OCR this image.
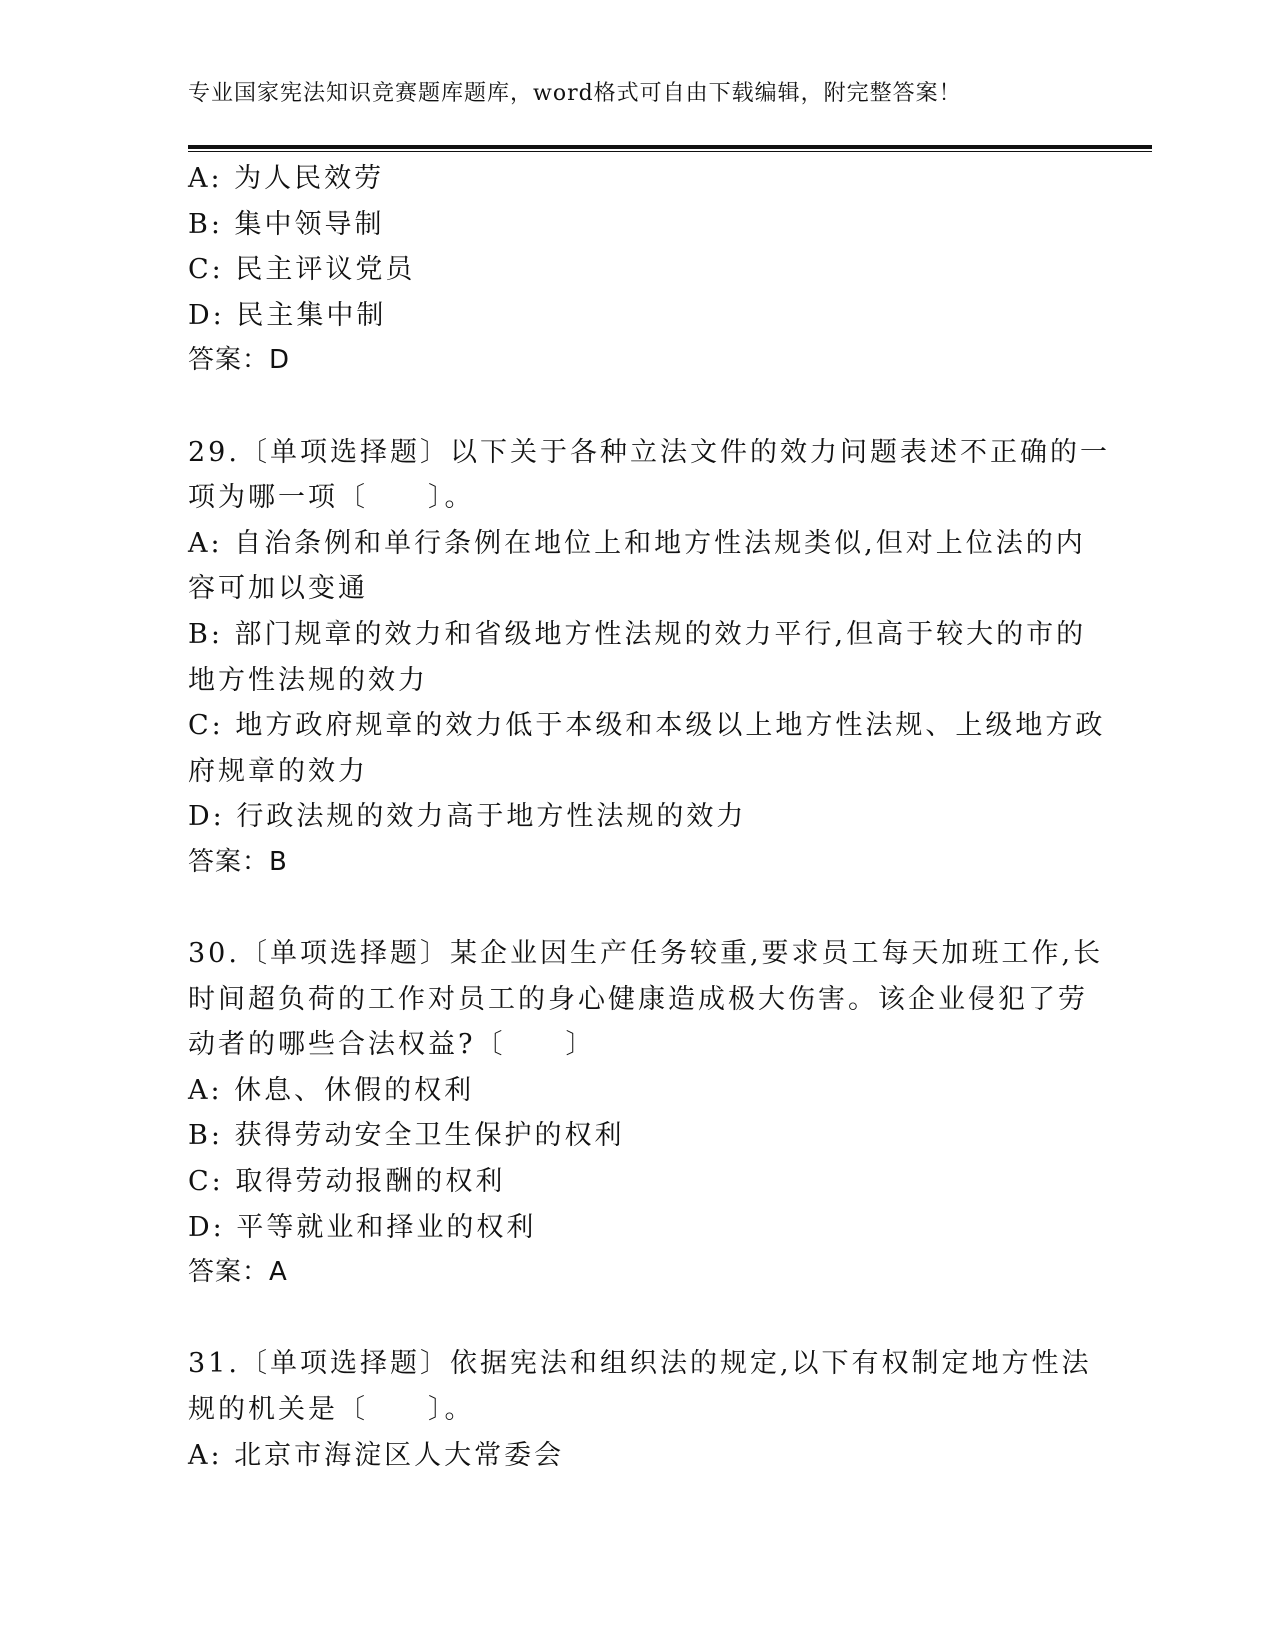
专业国家宪法知识竞赛题库题库，word格式可自由下载编辑，附完整答案！
A: 为人民效劳
B: 集中领导制
C: 民主评议党员
D: 民主集中制
答案：D
29.〔单项选择题〕以下关于各种立法文件的效力问题表述不正确的一
项为哪一项〔　　〕。
A: 自治条例和单行条例在地位上和地方性法规类似,但对上位法的内
容可加以变通
B: 部门规章的效力和省级地方性法规的效力平行,但高于较大的市的
地方性法规的效力
C: 地方政府规章的效力低于本级和本级以上地方性法规、上级地方政
府规章的效力
D: 行政法规的效力高于地方性法规的效力
答案：B
30.〔单项选择题〕某企业因生产任务较重,要求员工每天加班工作,长
时间超负荷的工作对员工的身心健康造成极大伤害。该企业侵犯了劳
动者的哪些合法权益?〔　　〕
A: 休息、休假的权利
B: 获得劳动安全卫生保护的权利
C: 取得劳动报酬的权利
D: 平等就业和择业的权利
答案：A
31.〔单项选择题〕依据宪法和组织法的规定,以下有权制定地方性法
规的机关是〔　　〕。
A: 北京市海淀区人大常委会
